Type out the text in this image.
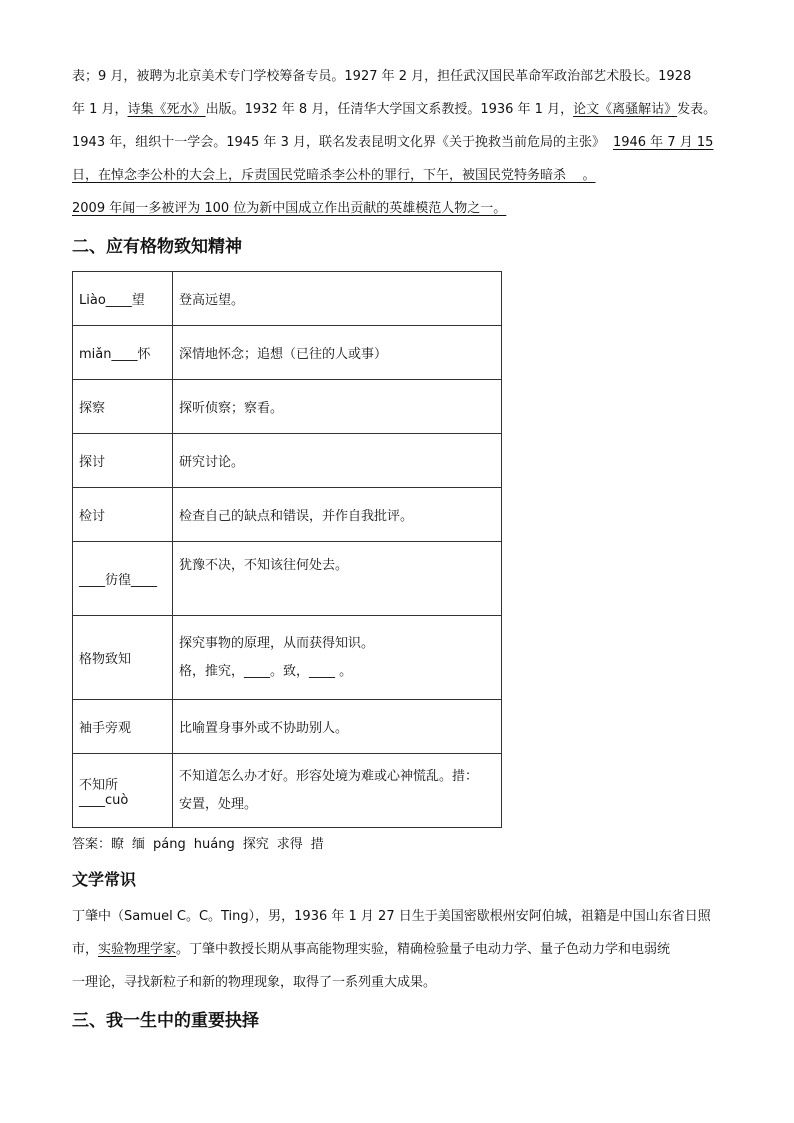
表；9 月，被聘为北京美术专门学校筹备专员。1927 年 2 月，担任武汉国民革命军政治部艺术股长。1928

年 1 月，诗集《死水》出版。1932 年 8 月，任清华大学国文系教授。1936 年 1 月，论文《离骚解诂》发表。

1943 年，组织十一学会。1945 年 3 月，联名发表昆明文化界《关于挽救当前危局的主张》 1946 年 7 月 15

日，在悼念李公朴的大会上，斥责国民党暗杀李公朴的罪行，下午，被国民党特务暗杀    。

2009 年闻一多被评为 100 位为新中国成立作出贡献的英雄模范人物之一。

二、应有格物致知精神
Liào____望	登高远望。
miǎn____怀	深情地怀念；追想（已往的人或事）
探察	探听侦察；察看。
探讨	研究讨论。
检讨	检查自己的缺点和错误，并作自我批评。
____彷徨____	犹豫不决，不知该往何处去。
格物致知	探究事物的原理，从而获得知识。
格，推究，____。致，____ 。

袖手旁观	比喻置身事外或不协助别人。
不知所____cuò	不知道怎么办才好。形容处境为难或心神慌乱。措：
安置，处理。

答案：瞭 缅 páng huáng 探究 求得 措

文学常识

丁肇中（Samuel C。C。Ting），男，1936 年 1 月 27 日生于美国密歇根州安阿伯城，祖籍是中国山东省日照

市，实验物理学家。丁肇中教授长期从事高能物理实验，精确检验量子电动力学、量子色动力学和电弱统

一理论，寻找新粒子和新的物理现象，取得了一系列重大成果。

三、我一生中的重要抉择
